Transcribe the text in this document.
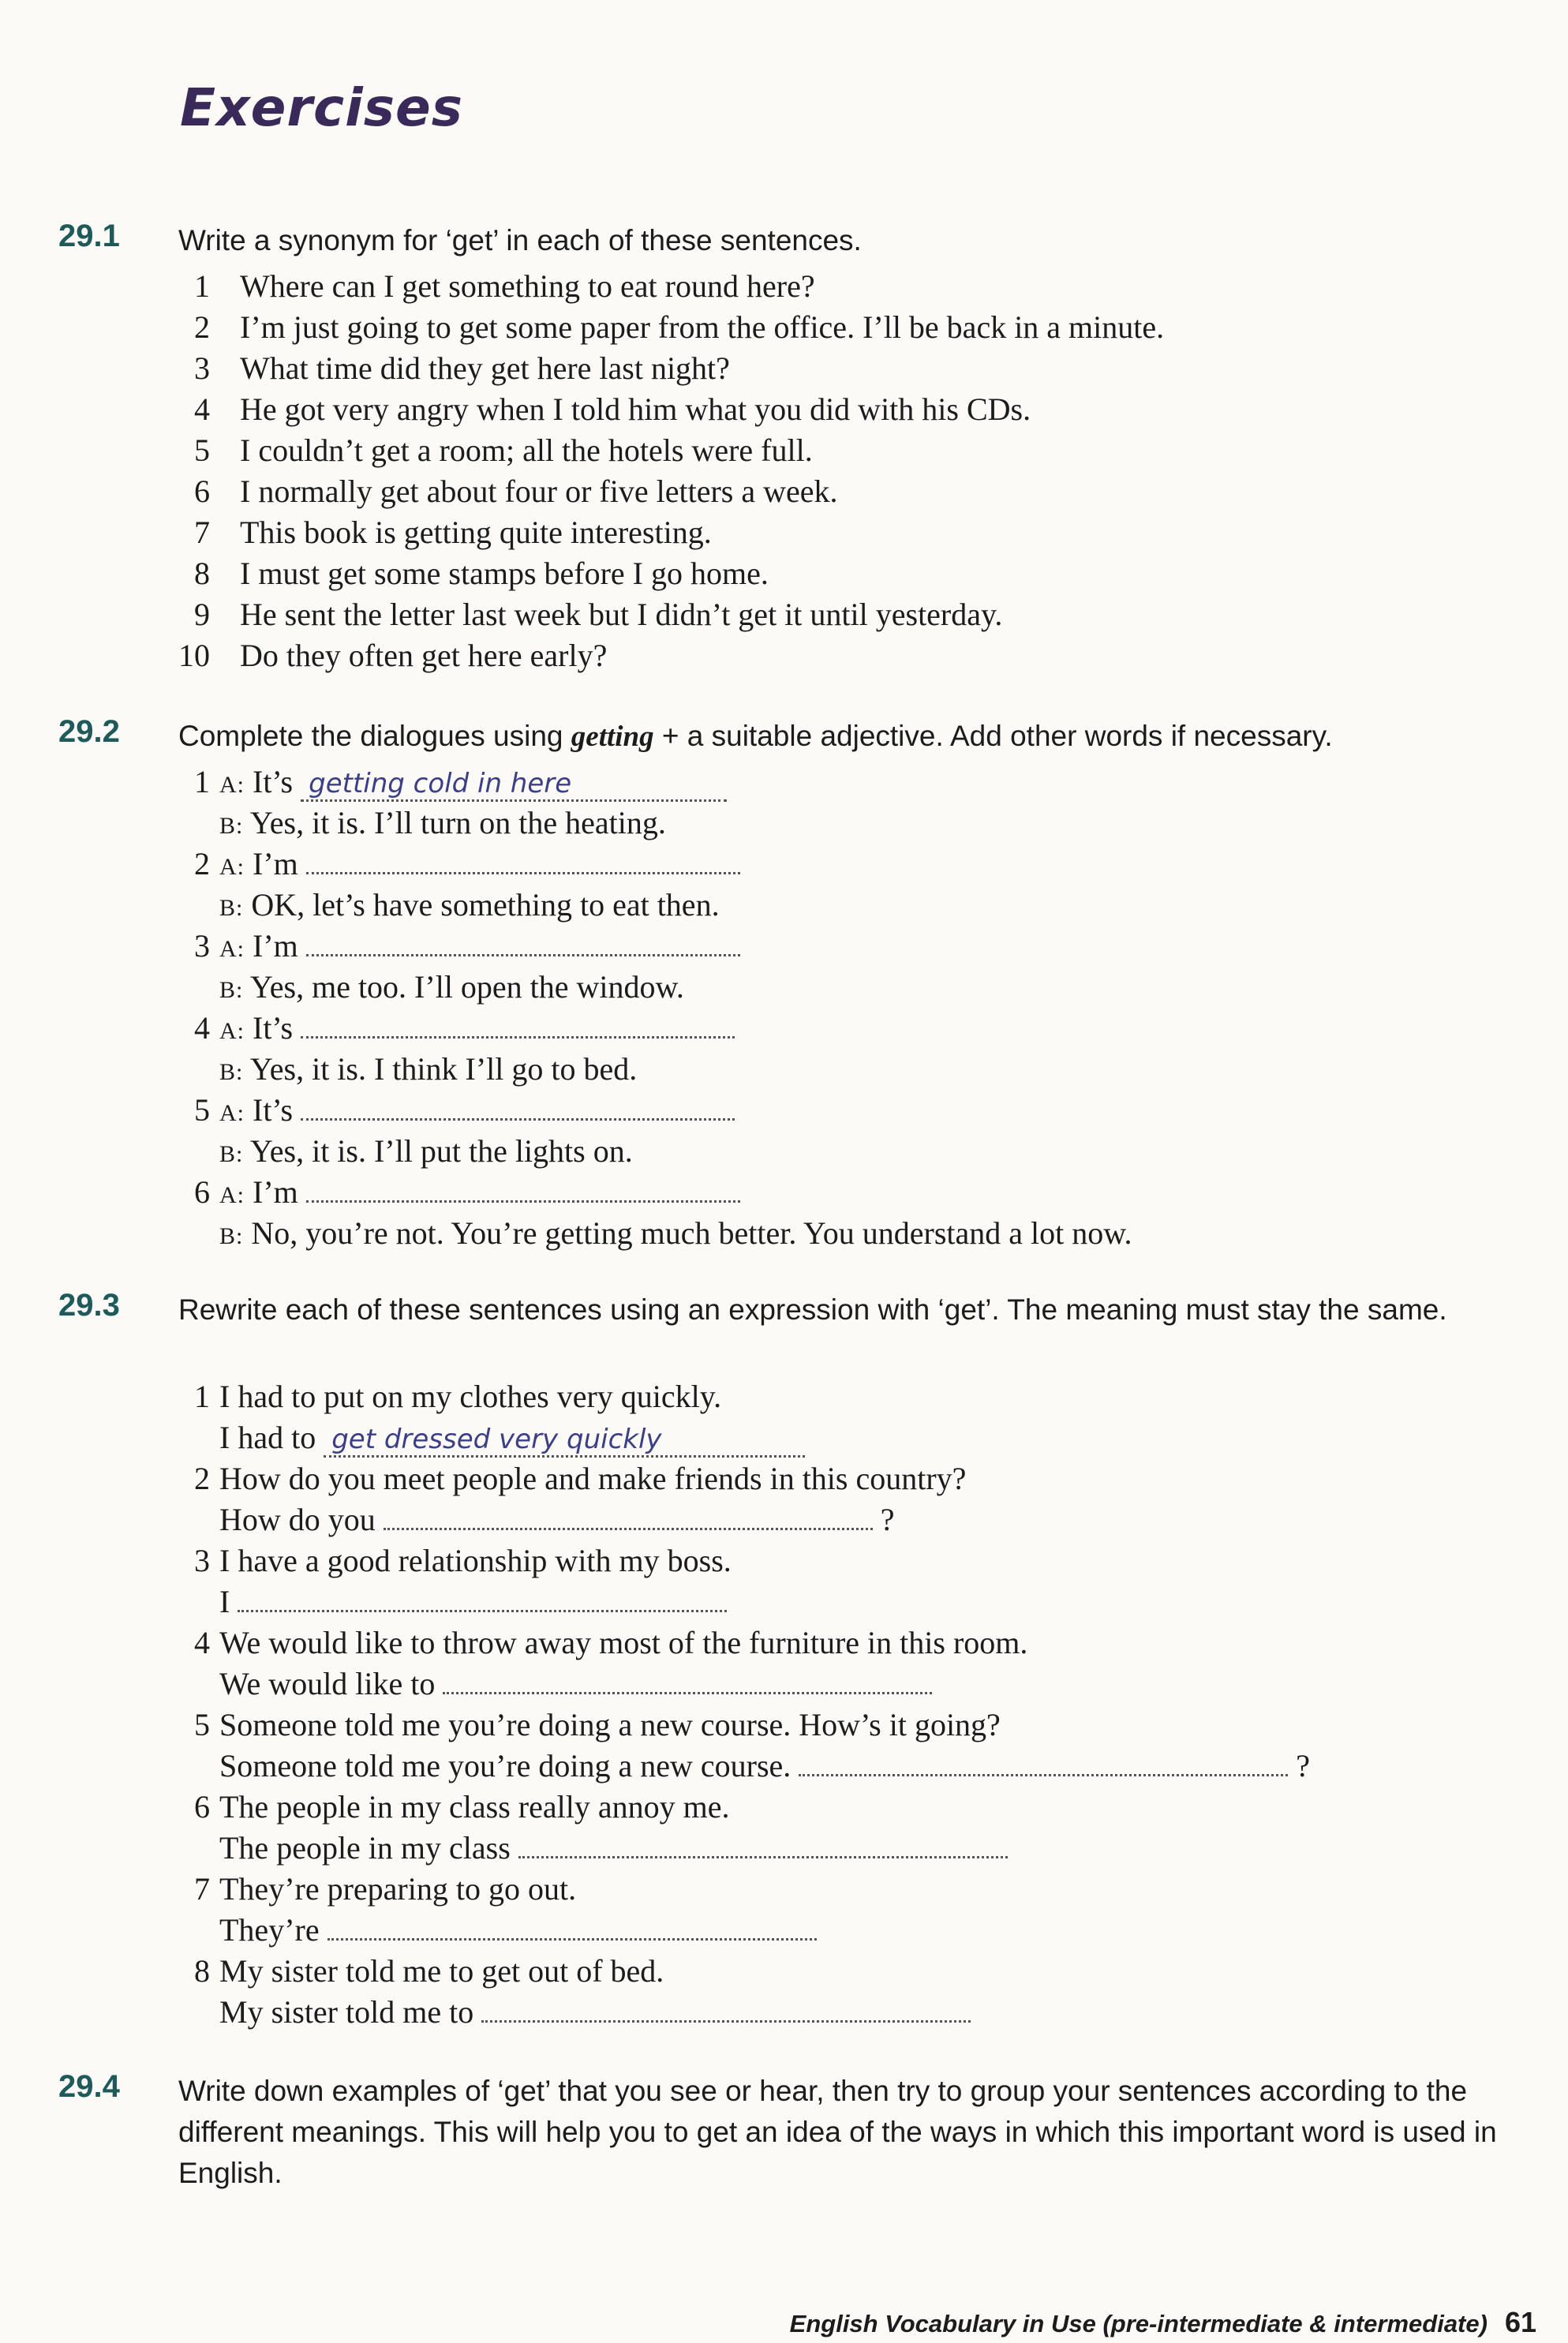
Exercises
29.1 Write a synonym for ‘get’ in each of these sentences.
1 Where can I get something to eat round here?
2 I’m just going to get some paper from the office. I’ll be back in a minute.
3 What time did they get here last night?
4 He got very angry when I told him what you did with his CDs.
5 I couldn’t get a room; all the hotels were full.
6 I normally get about four or five letters a week.
7 This book is getting quite interesting.
8 I must get some stamps before I go home.
9 He sent the letter last week but I didn’t get it until yesterday.
10 Do they often get here early?
29.2 Complete the dialogues using getting + a suitable adjective. Add other words if necessary.
1 A: It’s getting cold in here
B: Yes, it is. I’ll turn on the heating.
2 A: I’m
B: OK, let’s have something to eat then.
3 A: I’m
B: Yes, me too. I’ll open the window.
4 A: It’s
B: Yes, it is. I think I’ll go to bed.
5 A: It’s
B: Yes, it is. I’ll put the lights on.
6 A: I’m
B: No, you’re not. You’re getting much better. You understand a lot now.
29.3 Rewrite each of these sentences using an expression with ‘get’. The meaning must stay the same.
1 I had to put on my clothes very quickly.
I had to get dressed very quickly
2 How do you meet people and make friends in this country?
How do you	?
3 I have a good relationship with my boss.
I
4 We would like to throw away most of the furniture in this room.
We would like to
5 Someone told me you’re doing a new course. How’s it going?
Someone told me you’re doing a new course.	?
6 The people in my class really annoy me.
The people in my class
7 They’re preparing to go out.
They’re
8 My sister told me to get out of bed.
My sister told me to
29.4 Write down examples of ‘get’ that you see or hear, then try to group your sentences according to the different meanings. This will help you to get an idea of the ways in which this important word is used in English.
English Vocabulary in Use (pre-intermediate & intermediate) 61
